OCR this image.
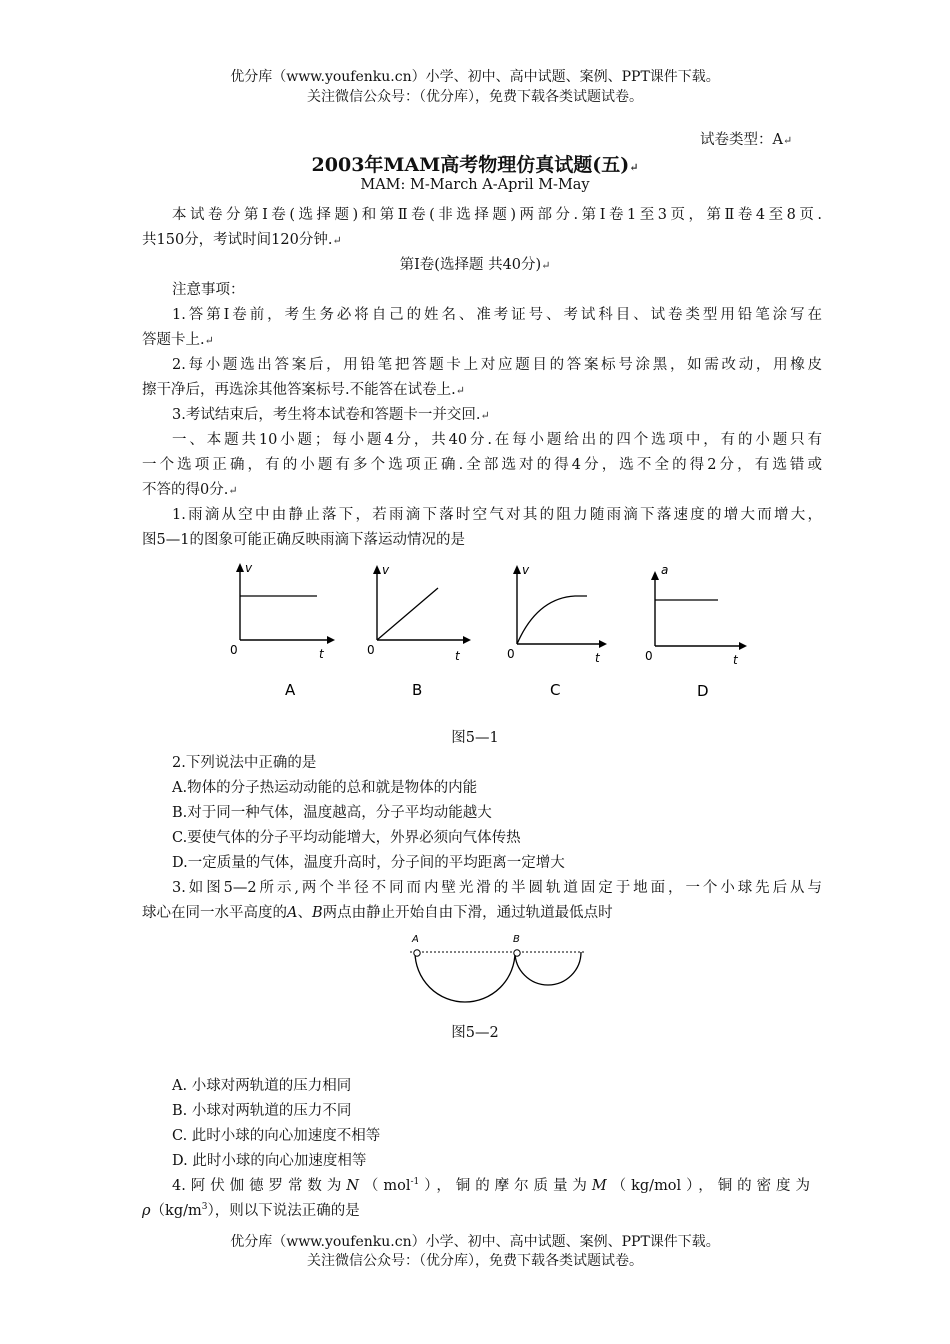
优分库（www.youfenku.cn）小学、初中、高中试题、案例、PPT课件下载。
关注微信公众号：（优分库），免费下载各类试题试卷。
试卷类型：A↵
2003年MAM高考物理仿真试题(五)↵
MAM: M-March A-April M-May
本试卷分第Ⅰ卷(选择题)和第Ⅱ卷(非选择题)两部分.第Ⅰ卷1至3页，第Ⅱ卷4至8页.
共150分，考试时间120分钟.↵
第Ⅰ卷(选择题 共40分)↵
注意事项：
1.答第Ⅰ卷前，考生务必将自己的姓名、准考证号、考试科目、试卷类型用铅笔涂写在
答题卡上.↵
2.每小题选出答案后，用铅笔把答题卡上对应题目的答案标号涂黑，如需改动，用橡皮
擦干净后，再选涂其他答案标号.不能答在试卷上.↵
3.考试结束后，考生将本试卷和答题卡一并交回.↵
一、本题共10小题；每小题4分，共40分.在每小题给出的四个选项中，有的小题只有
一个选项正确，有的小题有多个选项正确.全部选对的得4分，选不全的得2分，有选错或
不答的得0分.↵
1.雨滴从空中由静止落下，若雨滴下落时空气对其的阻力随雨滴下落速度的增大而增大，
图5—1的图象可能正确反映雨滴下落运动情况的是
v
t
0
A
v
t
0
B
v
t
0
C
a
t
0
D
图5—1
2.下列说法中正确的是
A.物体的分子热运动动能的总和就是物体的内能
B.对于同一种气体，温度越高，分子平均动能越大
C.要使气体的分子平均动能增大，外界必须向气体传热
D.一定质量的气体，温度升高时，分子间的平均距离一定增大
3.如图5—2所示,两个半径不同而内壁光滑的半圆轨道固定于地面，一个小球先后从与
球心在同一水平高度的A、B两点由静止开始自由下滑，通过轨道最低点时
A	B
图5—2
A. 小球对两轨道的压力相同
B. 小球对两轨道的压力不同
C. 此时小球的向心加速度不相等
D. 此时小球的向心加速度相等
4.阿伏伽德罗常数为N（mol$^{-1}$），铜的摩尔质量为M（kg/mol），铜的密度为
$\rho(kg/m^3)$，则以下说法正确的是
优分库（www.youfenku.cn）小学、初中、高中试题、案例、PPT课件下载。
关注微信公众号：（优分库），免费下载各类试题试卷。
